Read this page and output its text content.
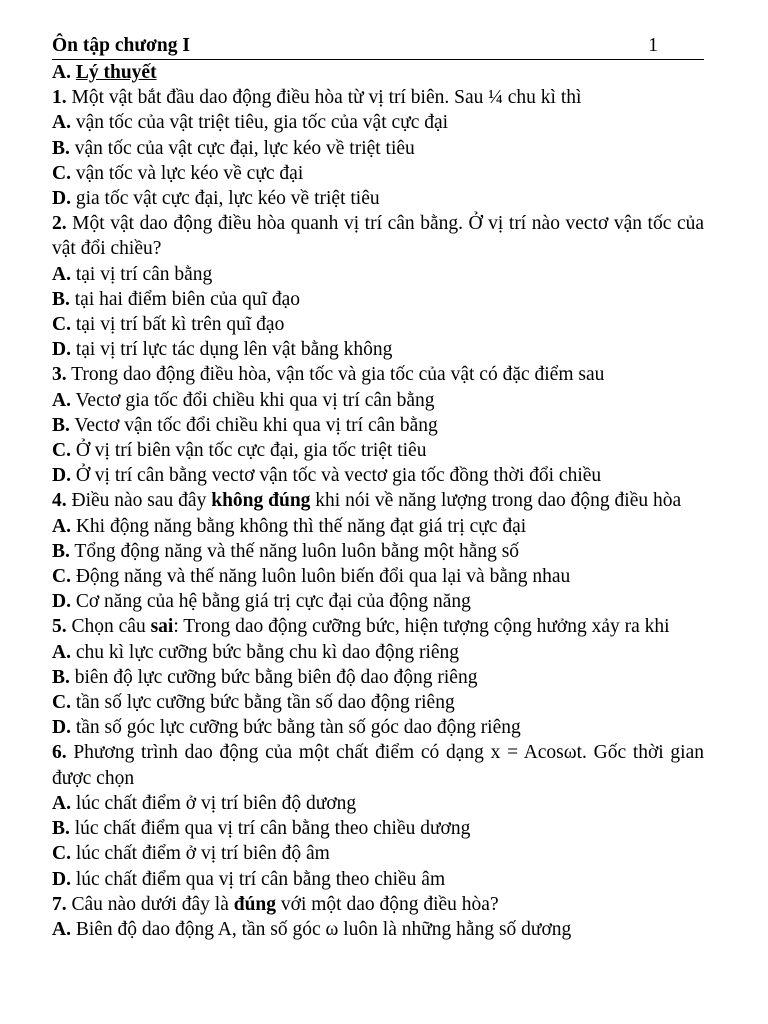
Ôn tập chương I	1
A. Lý thuyết
1. Một vật bắt đầu dao động điều hòa từ vị trí biên. Sau ¼ chu kì thì
A. vận tốc của vật triệt tiêu, gia tốc của vật cực đại
B. vận tốc của vật cực đại, lực kéo về triệt tiêu
C. vận tốc và lực kéo về cực đại
D. gia tốc vật cực đại, lực kéo về triệt tiêu
2. Một vật dao động điều hòa quanh vị trí cân bằng. Ở vị trí nào vectơ vận tốc của vật đổi chiều?
A. tại vị trí cân bằng
B. tại hai điểm biên của quĩ đạo
C. tại vị trí bất kì trên quĩ đạo
D. tại vị trí lực tác dụng lên vật bằng không
3. Trong dao động điều hòa, vận tốc và gia tốc của vật có đặc điểm sau
A. Vectơ gia tốc đổi chiều khi qua vị trí cân bằng
B. Vectơ vận tốc đổi chiều khi qua vị trí cân bằng
C. Ở vị trí biên vận tốc cực đại, gia tốc triệt tiêu
D. Ở vị trí cân bằng vectơ vận tốc và vectơ gia tốc đồng thời đổi chiều
4. Điều nào sau đây không đúng khi nói về năng lượng trong dao động điều hòa
A. Khi động năng bằng không thì thế năng đạt giá trị cực đại
B. Tổng động năng và thế năng luôn luôn bằng một hằng số
C. Động năng và thế năng luôn luôn biến đổi qua lại và bằng nhau
D. Cơ năng của hệ bằng giá trị cực đại của động năng
5. Chọn câu sai: Trong dao động cưỡng bức, hiện tượng cộng hưởng xảy ra khi
A. chu kì lực cưỡng bức bằng chu kì dao động riêng
B. biên độ lực cưỡng bức bằng biên độ dao động riêng
C. tần số lực cưỡng bức bằng tần số dao động riêng
D. tần số góc lực cưỡng bức bằng tàn số góc dao động riêng
6. Phương trình dao động của một chất điểm có dạng x = Acosωt. Gốc thời gian được chọn
A. lúc chất điểm ở vị trí biên độ dương
B. lúc chất điểm qua vị trí cân bằng theo chiều dương
C. lúc chất điểm ở vị trí biên độ âm
D. lúc chất điểm qua vị trí cân bằng theo chiều âm
7. Câu nào dưới đây là đúng với một dao động điều hòa?
A. Biên độ dao động A, tần số góc ω luôn là những hằng số dương
